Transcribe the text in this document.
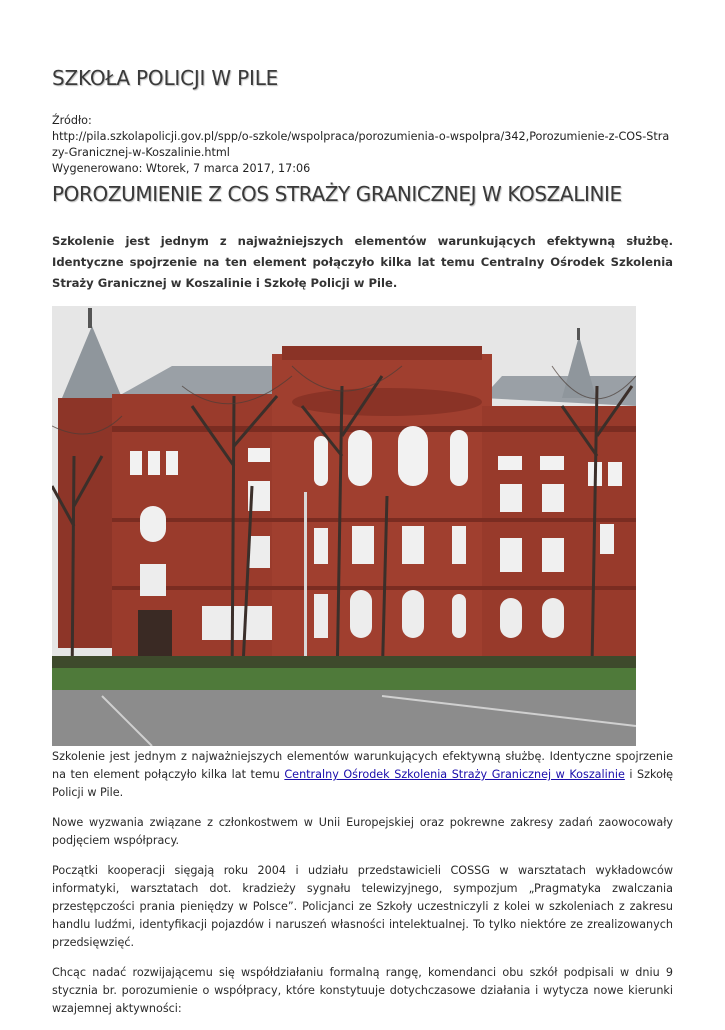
SZKOŁA POLICJI W PILE
Źródło:
http://pila.szkolapolicji.gov.pl/spp/o-szkole/wspolpraca/porozumienia-o-wspolpra/342,Porozumienie-z-COS-Strazy-Granicznej-w-Koszalinie.html
Wygenerowano: Wtorek, 7 marca 2017, 17:06
POROZUMIENIE Z COS STRAŻY GRANICZNEJ W KOSZALINIE

Szkolenie jest jednym z najważniejszych elementów warunkujących efektywną służbę. Identyczne spojrzenie na ten element połączyło kilka lat temu Centralny Ośrodek Szkolenia Straży Granicznej w Koszalinie i Szkołę Policji w Pile.

Szkolenie jest jednym z najważniejszych elementów warunkujących efektywną służbę. Identyczne spojrzenie na ten element połączyło kilka lat temu Centralny Ośrodek Szkolenia Straży Granicznej w Koszalinie i Szkołę Policji w Pile.

Nowe wyzwania związane z członkostwem w Unii Europejskiej oraz pokrewne zakresy zadań zaowocowały podjęciem współpracy.

Początki kooperacji sięgają roku 2004 i udziału przedstawicieli COSSG w warsztatach wykładowców informatyki, warsztatach dot. kradzieży sygnału telewizyjnego, sympozjum „Pragmatyka zwalczania przestępczości prania pieniędzy w Polsce”. Policjanci ze Szkoły uczestniczyli z kolei w szkoleniach z zakresu handlu ludźmi, identyfikacji pojazdów i naruszeń własności intelektualnej. To tylko niektóre ze zrealizowanych przedsięwzięć.

Chcąc nadać rozwijającemu się współdziałaniu formalną rangę, komendanci obu szkół podpisali w dniu 9 stycznia br. porozumienie o współpracy, które konstytuuje dotychczasowe działania i wytycza nowe kierunki wzajemnej aktywności:
